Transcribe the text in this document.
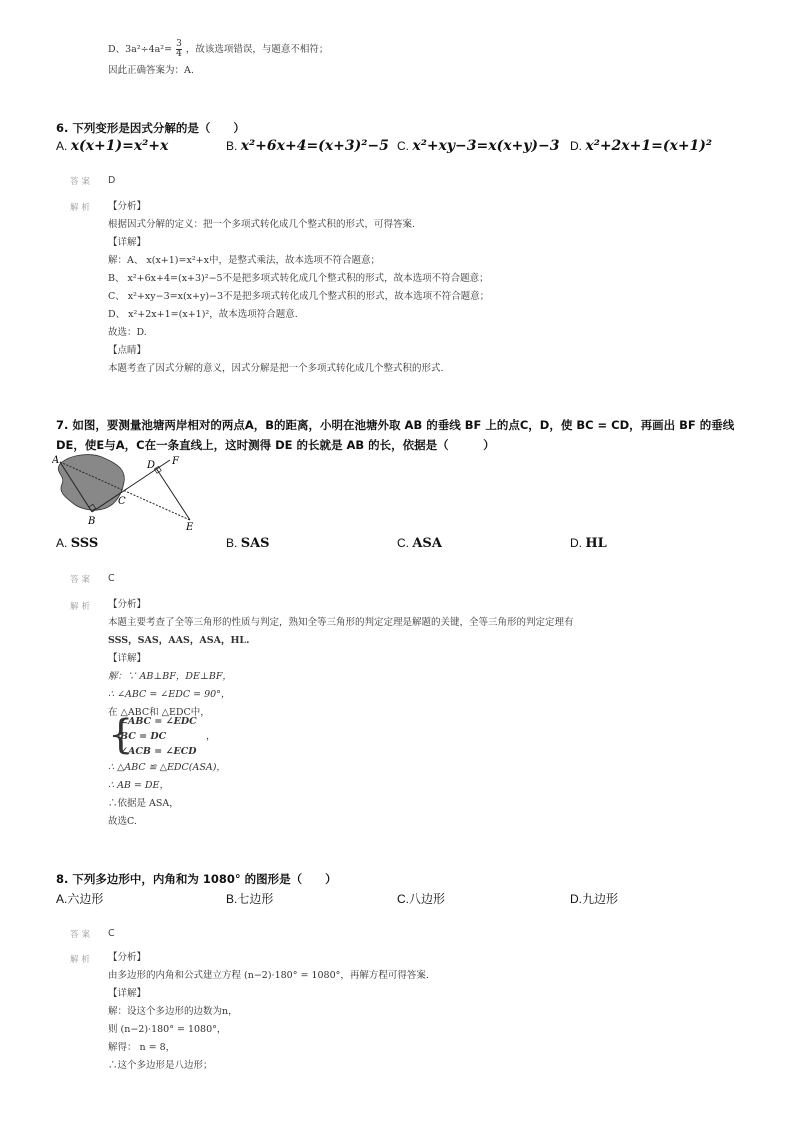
D、$3a^2\div 4a^2= \frac{3}{4}$ ，故该选项错误，与题意不相符；
因此正确答案为：A.
6. 下列变形是因式分解的是（　　）
A. x(x+1)=x²+x	B. x²+6x+4=(x+3)²−5 C. x²+xy−3=x(x+y)−3 D. x²+2x+1=(x+1)²
答案 D
解析 【分析】
根据因式分解的定义：把一个多项式转化成几个整式积的形式，可得答案.
【详解】
解：A、 x(x+1)=x²+x中，是整式乘法，故本选项不符合题意；
B、 x²+6x+4=(x+3)²−5不是把多项式转化成几个整式积的形式，故本选项不符合题意；
C、 x²+xy−3=x(x+y)−3不是把多项式转化成几个整式积的形式，故本选项不符合题意；
D、 x²+2x+1=(x+1)²，故本选项符合题意.
故选：D.
【点睛】
本题考查了因式分解的意义，因式分解是把一个多项式转化成几个整式积的形式.
7. 如图，要测量池塘两岸相对的两点A，B的距离，小明在池塘外取 AB 的垂线 BF 上的点C，D，使 BC = CD，再画出 BF 的垂线
DE，使E与A，C在一条直线上，这时测得 DE 的长就是 AB 的长，依据是（　　　）
A
B
C
D
E
F
A. SSS	B. SAS	C. ASA	D. HL
答案 C
解析 【分析】
本题主要考查了全等三角形的性质与判定，熟知全等三角形的判定定理是解题的关键，全等三角形的判定定理有
SSS，SAS，AAS，ASA，HL.
【详解】
解：∵ AB⊥BF，DE⊥BF，
∴ ∠ABC = ∠EDC = 90°，
在 △ABC和 △EDC中，
{
∠ABC = ∠EDC
BC = DC
∠ACB = ∠ECD
，
∴ △ABC ≌ △EDC(ASA)，
∴ AB = DE，
∴依据是 ASA，
故选C.
8. 下列多边形中，内角和为 1080° 的图形是（　　）
A.六边形	B.七边形	C.八边形	D.九边形
答案 C
解析 【分析】
由多边形的内角和公式建立方程 (n−2)·180° = 1080°，再解方程可得答案.
【详解】
解：设这个多边形的边数为n，
则 (n−2)·180° = 1080°，
解得： n = 8，
∴这个多边形是八边形；
